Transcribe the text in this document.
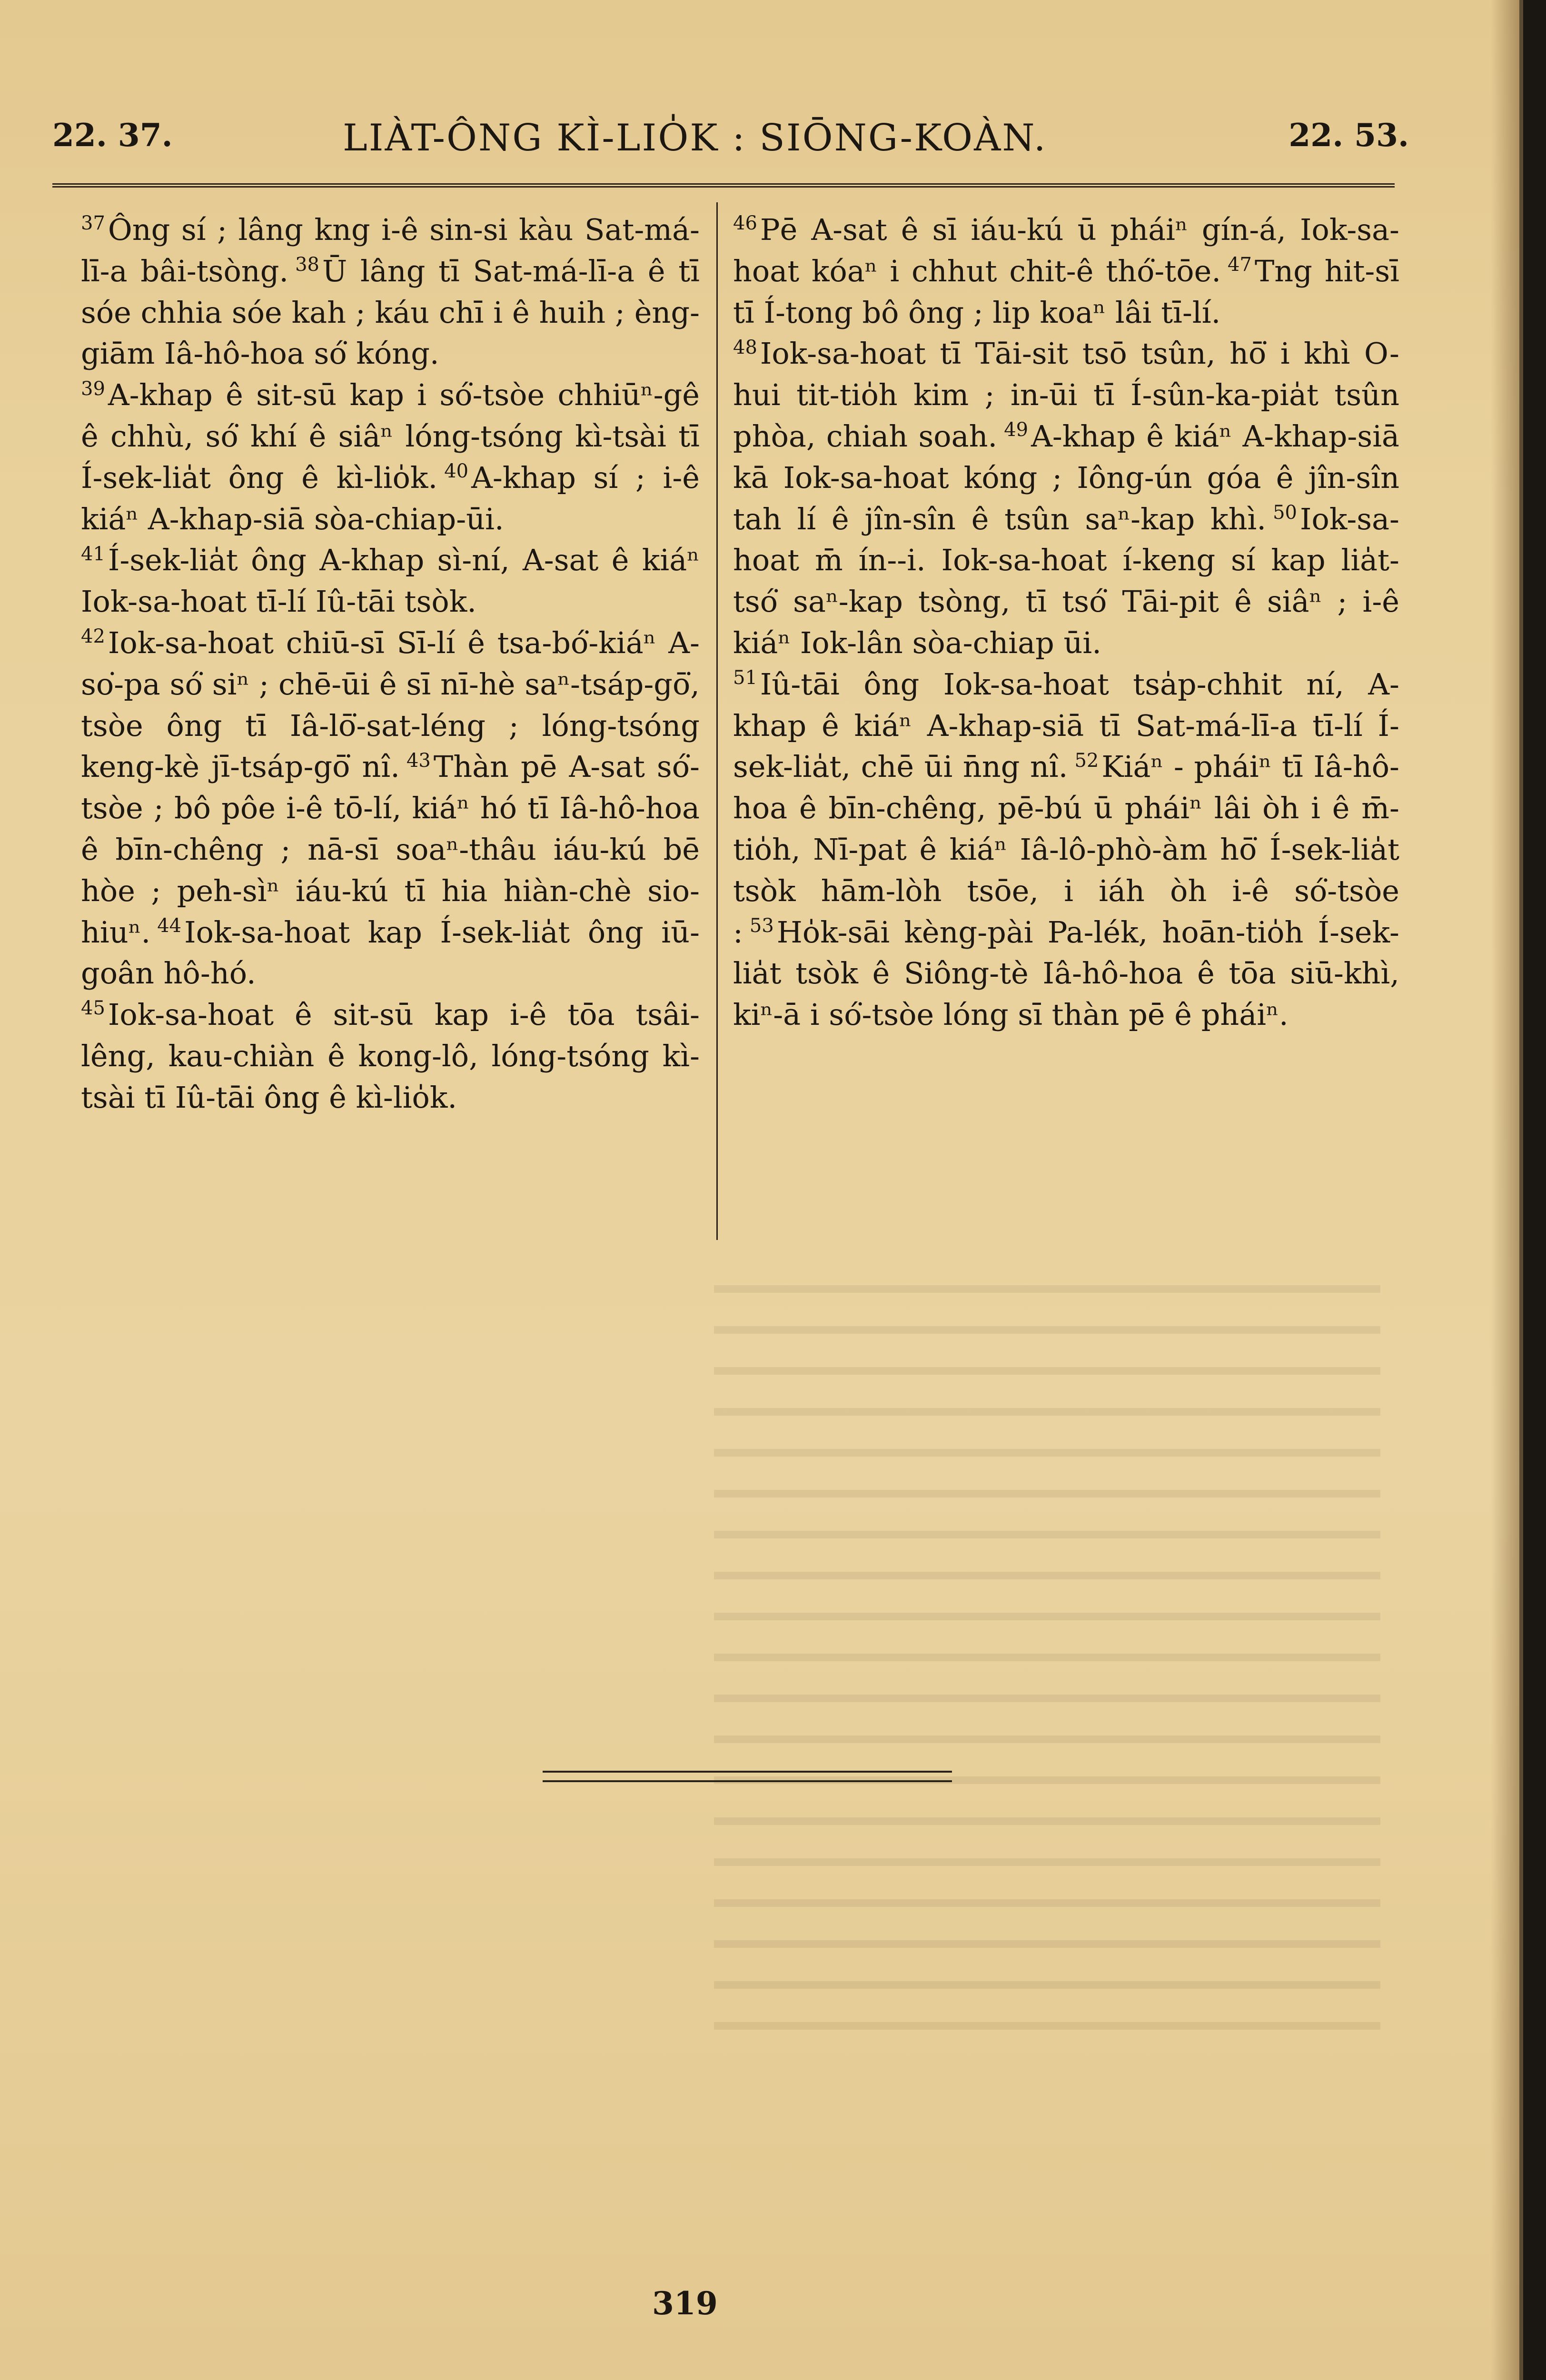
22. 37.	LIÀT-ÔNG KÌ-LIO̍K : SIŌNG-KOÀN.	22. 53.

$^{37}$Ông sí ; lâng kng i-ê sin-si kàu Sat-má-lī-a bâi-tsòng. $^{38}$Ū lâng tī Sat-má-lī-a ê tī sóe chhia sóe kah ; káu chī i ê huih ; èng-giām Iâ-hô-hoa só͘ kóng.

$^{39}$A-khap ê sit-sū kap i só͘-tsòe chhiūⁿ-gê ê chhù, só͘ khí ê siâⁿ lóng-tsóng kì-tsài tī Í-sek-lia̍t ông ê kì-lio̍k. $^{40}$A-khap sí ; i-ê kiáⁿ A-khap-siā sòa-chiap-ūi.

$^{41}$Í-sek-lia̍t ông A-khap sì-ní, A-sat ê kiáⁿ Iok-sa-hoat tī-lí Iû-tāi tsòk.

$^{42}$Iok-sa-hoat chiū-sī Sī-lí ê tsa-bó͘-kiáⁿ A-so͘-pa só͘ siⁿ ; chē-ūi ê sī nī-hè saⁿ-tsáp-gō͘, tsòe ông tī Iâ-lō͘-sat-léng ; lóng-tsóng keng-kè jī-tsáp-gō͘ nî. $^{43}$Thàn pē A-sat só͘-tsòe ; bô pôe i-ê tō-lí, kiáⁿ hó tī Iâ-hô-hoa ê bīn-chêng ; nā-sī soaⁿ-thâu iáu-kú bē hòe ; peh-sìⁿ iáu-kú tī hia hiàn-chè sio-hiuⁿ. $^{44}$Iok-sa-hoat kap Í-sek-lia̍t ông iū-goân hô-hó.

$^{45}$Iok-sa-hoat ê sit-sū kap i-ê tōa tsâi-lêng, kau-chiàn ê kong-lô, lóng-tsóng kì-tsài tī Iû-tāi ông ê kì-lio̍k.

$^{46}$Pē A-sat ê sī iáu-kú ū pháiⁿ gín-á, Iok-sa-hoat kóaⁿ i chhut chit-ê thó͘-tōe. $^{47}$Tng hit-sī tī Í-tong bô ông ; lip koaⁿ lâi tī-lí.

$^{48}$Iok-sa-hoat tī Tāi-sit tsō tsûn, hō͘ i khì O-hui tit-tio̍h kim ; in-ūi tī Í-sûn-ka-pia̍t tsûn phòa, chiah soah. $^{49}$A-khap ê kiáⁿ A-khap-siā kā Iok-sa-hoat kóng ; Iông-ún góa ê jîn-sîn tah lí ê jîn-sîn ê tsûn saⁿ-kap khì. $^{50}$Iok-sa-hoat m̄ ín--i. Iok-sa-hoat í-keng sí kap lia̍t-tsó͘ saⁿ-kap tsòng, tī tsó͘ Tāi-pit ê siâⁿ ; i-ê kiáⁿ Iok-lân sòa-chiap ūi.

$^{51}$Iû-tāi ông Iok-sa-hoat tsa̍p-chhit ní, A-khap ê kiáⁿ A-khap-siā tī Sat-má-lī-a tī-lí Í-sek-lia̍t, chē ūi n̄ng nî. $^{52}$Kiáⁿ - pháiⁿ tī Iâ-hô-hoa ê bīn-chêng, pē-bú ū pháiⁿ lâi òh i ê m̄-tio̍h, Nī-pat ê kiáⁿ Iâ-lô-phò-àm hō͘ Í-sek-lia̍t tsòk hām-lòh tsōe, i iáh òh i-ê só͘-tsòe : $^{53}$Ho̍k-sāi kèng-pài Pa-lék, hoān-tio̍h Í-sek-lia̍t tsòk ê Siông-tè Iâ-hô-hoa ê tōa siū-khì, kiⁿ-ā i só͘-tsòe lóng sī thàn pē ê pháiⁿ.

319
